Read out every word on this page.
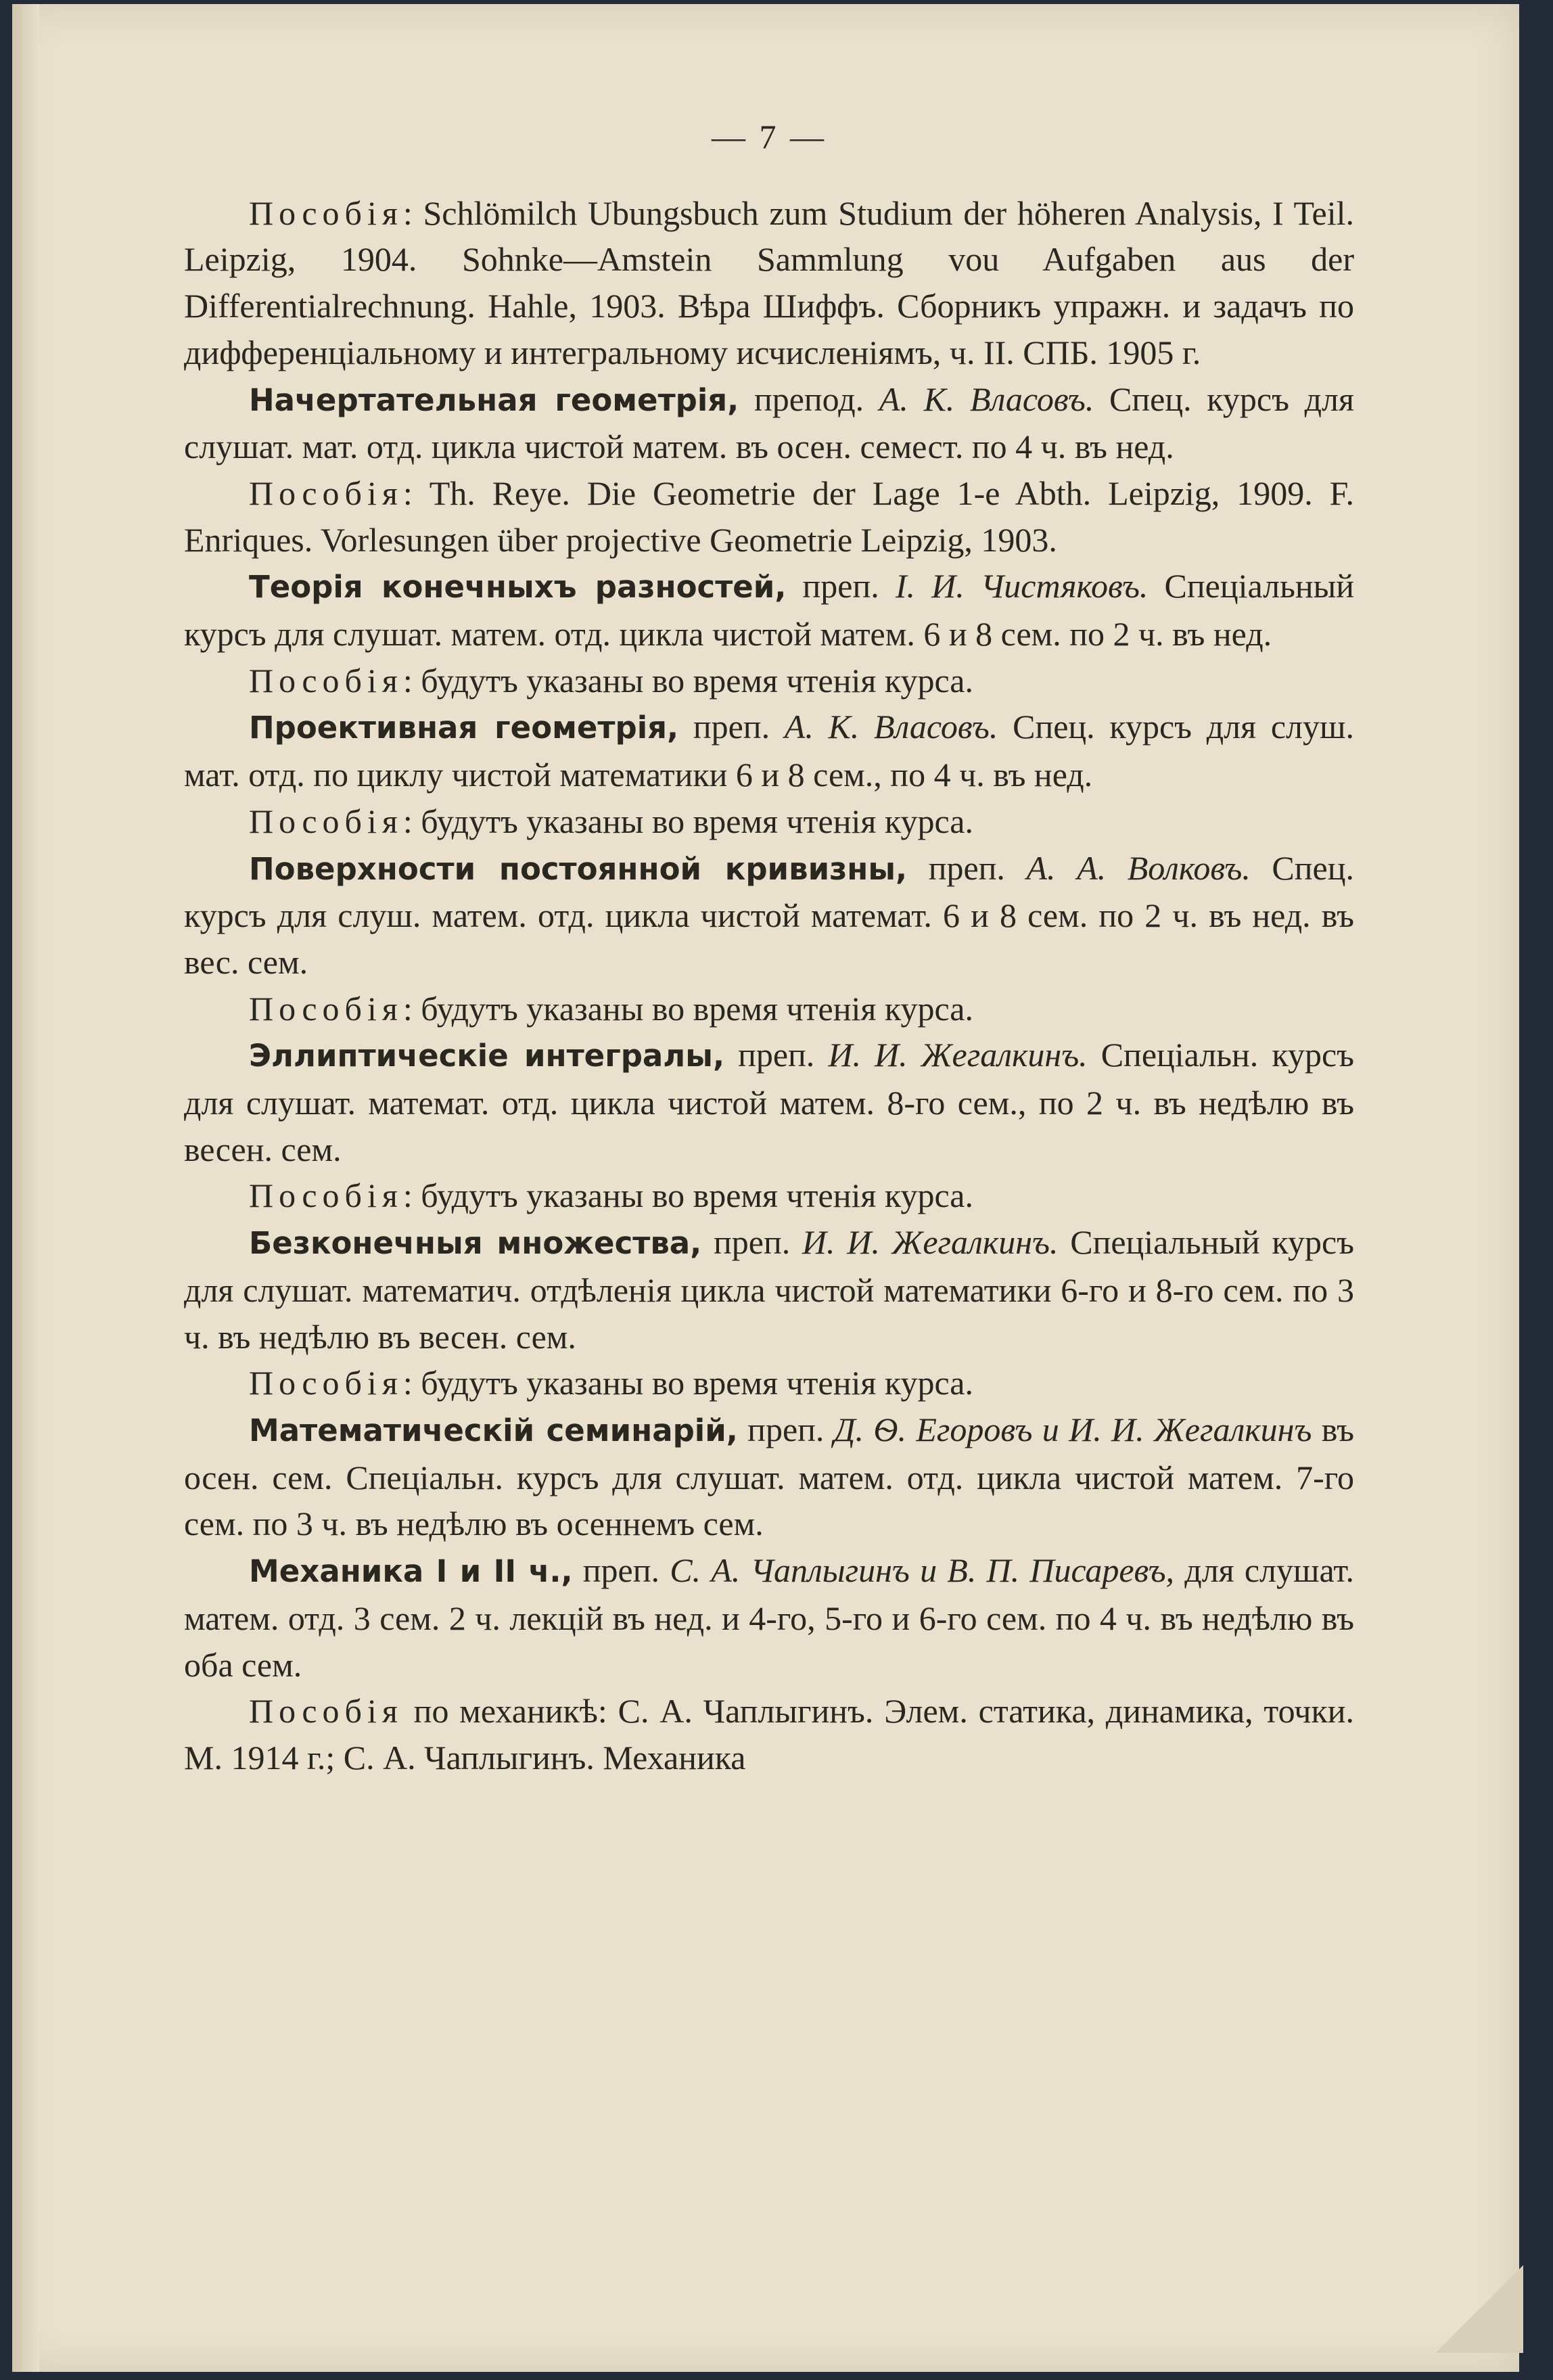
— 7 —

Пособія: Schlömilch Ubungsbuch zum Studium der höheren Analysis, I Teil. Leipzig, 1904. Sohnke—Amstein Sammlung vou Aufgaben aus der Differentialrechnung. Hahle, 1903. Вѣра Шиффъ. Сборникъ упражн. и задачъ по дифференціальному и интегральному исчисленіямъ, ч. II. СПБ. 1905 г.

Начертательная геометрія, препод. А. К. Власовъ. Спец. курсъ для слушат. мат. отд. цикла чистой матем. въ осен. семест. по 4 ч. въ нед.

Пособія: Th. Reye. Die Geometrie der Lage 1-e Abth. Leipzig, 1909. F. Enriques. Vorlesungen über projective Geometrie Leipzig, 1903.

Теорія конечныхъ разностей, преп. I. И. Чистяковъ. Спеціальный курсъ для слушат. матем. отд. цикла чистой матем. 6 и 8 сем. по 2 ч. въ нед.

Пособія: будутъ указаны во время чтенія курса.

Проективная геометрія, преп. А. К. Власовъ. Спец. курсъ для слуш. мат. отд. по циклу чистой математики 6 и 8 сем., по 4 ч. въ нед.

Пособія: будутъ указаны во время чтенія курса.

Поверхности постоянной кривизны, преп. А. А. Волковъ. Спец. курсъ для слуш. матем. отд. цикла чистой математ. 6 и 8 сем. по 2 ч. въ нед. въ вес. сем.

Пособія: будутъ указаны во время чтенія курса.

Эллиптическіе интегралы, преп. И. И. Жегалкинъ. Спеціальн. курсъ для слушат. математ. отд. цикла чистой матем. 8-го сем., по 2 ч. въ недѣлю въ весен. сем.

Пособія: будутъ указаны во время чтенія курса.

Безконечныя множества, преп. И. И. Жегалкинъ. Спеціальный курсъ для слушат. математич. отдѣленія цикла чистой математики 6-го и 8-го сем. по 3 ч. въ недѣлю въ весен. сем.

Пособія: будутъ указаны во время чтенія курса.

Математическій семинарій, преп. Д. Ѳ. Егоровъ и И. И. Жегалкинъ въ осен. сем. Спеціальн. курсъ для слушат. матем. отд. цикла чистой матем. 7-го сем. по 3 ч. въ недѣлю въ осеннемъ сем.

Механика I и II ч., преп. С. А. Чаплыгинъ и В. П. Писаревъ, для слушат. матем. отд. 3 сем. 2 ч. лекцій въ нед. и 4-го, 5-го и 6-го сем. по 4 ч. въ недѣлю въ оба сем.

Пособія по механикѣ: С. А. Чаплыгинъ. Элем. статика, динамика, точки. М. 1914 г.; С. А. Чаплыгинъ. Механика
